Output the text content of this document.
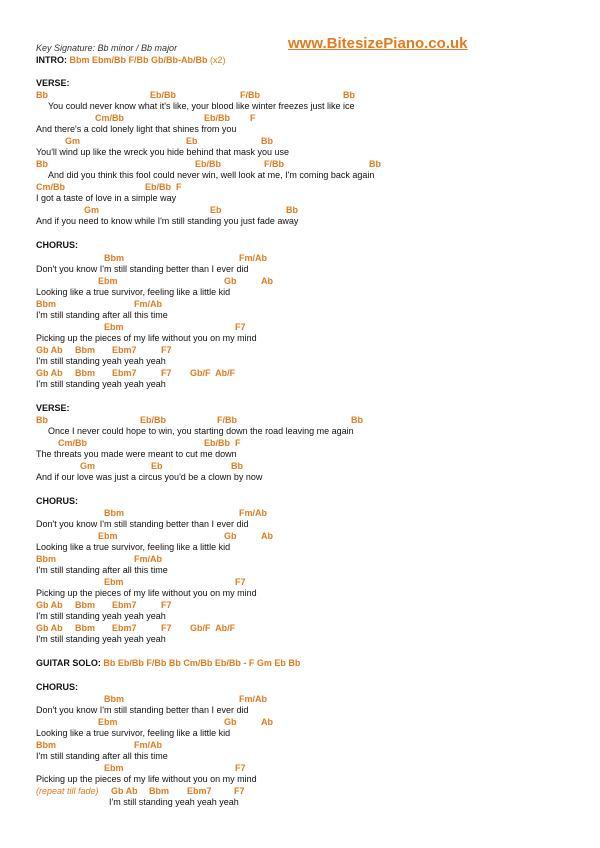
Key Signature: Bb minor / Bb major	www.BitesizePiano.co.uk
INTRO: Bbm Ebm/Bb F/Bb Gb/Bb-Ab/Bb (x2)
VERSE:
Bb	Eb/Bb	F/Bb	Bb
You could never know what it's like, your blood like winter freezes just like ice
Cm/Bb	Eb/Bb F
And there's a cold lonely light that shines from you
Gm	Eb	Bb
You'll wind up like the wreck you hide behind that mask you use
Bb	Eb/Bb	F/Bb	Bb
And did you think this fool could never win, well look at me, I'm coming back again
Cm/Bb	Eb/Bb  F
I got a taste of love in a simple way
Gm	Eb	Bb
And if you need to know while I'm still standing you just fade away
CHORUS:
Bbm	Fm/Ab
Don't you know I'm still standing better than I ever did
Ebm	Gb	Ab
Looking like a true survivor, feeling like a little kid
Bbm	Fm/Ab
I'm still standing after all this time
Ebm	F7
Picking up the pieces of my life without you on my mind
Gb Ab Bbm Ebm7	F7
I'm still standing yeah yeah yeah
Gb Ab Bbm Ebm7	F7 Gb/F  Ab/F
I'm still standing yeah yeah yeah
VERSE:
Bb	Eb/Bb	F/Bb	Bb
Once I never could hope to win, you starting down the road leaving me again
Cm/Bb	Eb/Bb  F
The threats you made were meant to cut me down
Gm	Eb	Bb
And if our love was just a circus you'd be a clown by now
CHORUS:
Bbm	Fm/Ab
Don't you know I'm still standing better than I ever did
Ebm	Gb	Ab
Looking like a true survivor, feeling like a little kid
Bbm	Fm/Ab
I'm still standing after all this time
Ebm	F7
Picking up the pieces of my life without you on my mind
Gb Ab Bbm Ebm7	F7
I'm still standing yeah yeah yeah
Gb Ab Bbm Ebm7	F7 Gb/F  Ab/F
I'm still standing yeah yeah yeah
GUITAR SOLO: Bb Eb/Bb F/Bb Bb Cm/Bb Eb/Bb - F Gm Eb Bb
CHORUS:
Bbm	Fm/Ab
Don't you know I'm still standing better than I ever did
Ebm	Gb	Ab
Looking like a true survivor, feeling like a little kid
Bbm	Fm/Ab
I'm still standing after all this time
Ebm	F7
Picking up the pieces of my life without you on my mind
(repeat till fade) Gb Ab Bbm Ebm7 F7
I'm still standing yeah yeah yeah
